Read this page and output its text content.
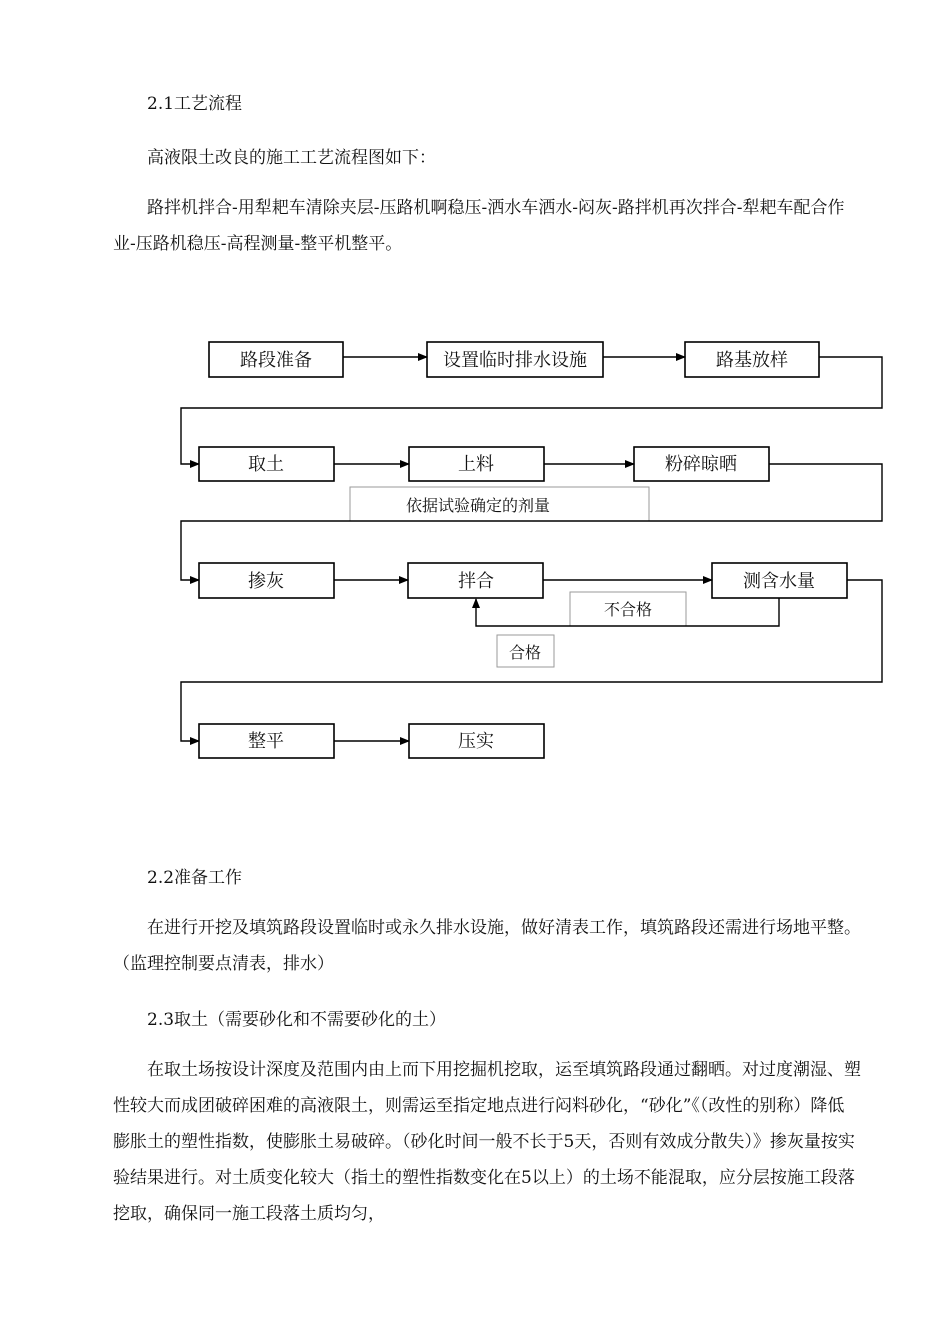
2.1工艺流程

高液限土改良的施工工艺流程图如下：

路拌机拌合-用犁耙车清除夹层-压路机啊稳压-洒水车洒水-闷灰-路拌机再次拌合-犁耙车配合作业-压路机稳压-高程测量-整平机整平。

路段准备	设置临时排水设施	路基放样
取土	上料	粉碎晾晒
依据试验确定的剂量
掺灰	拌合	测含水量
不合格
合格
整平	压实

2.2准备工作

在进行开挖及填筑路段设置临时或永久排水设施，做好清表工作，填筑路段还需进行场地平整。（监理控制要点清表，排水）

2.3取土（需要砂化和不需要砂化的土）

在取土场按设计深度及范围内由上而下用挖掘机挖取，运至填筑路段通过翻晒。对过度潮湿、塑性较大而成团破碎困难的高液限土，则需运至指定地点进行闷料砂化，“砂化”《（改性的别称）降低膨胀土的塑性指数，使膨胀土易破碎。（砂化时间一般不长于5天，否则有效成分散失）》掺灰量按实验结果进行。对土质变化较大（指土的塑性指数变化在5以上）的土场不能混取，应分层按施工段落挖取，确保同一施工段落土质均匀，
